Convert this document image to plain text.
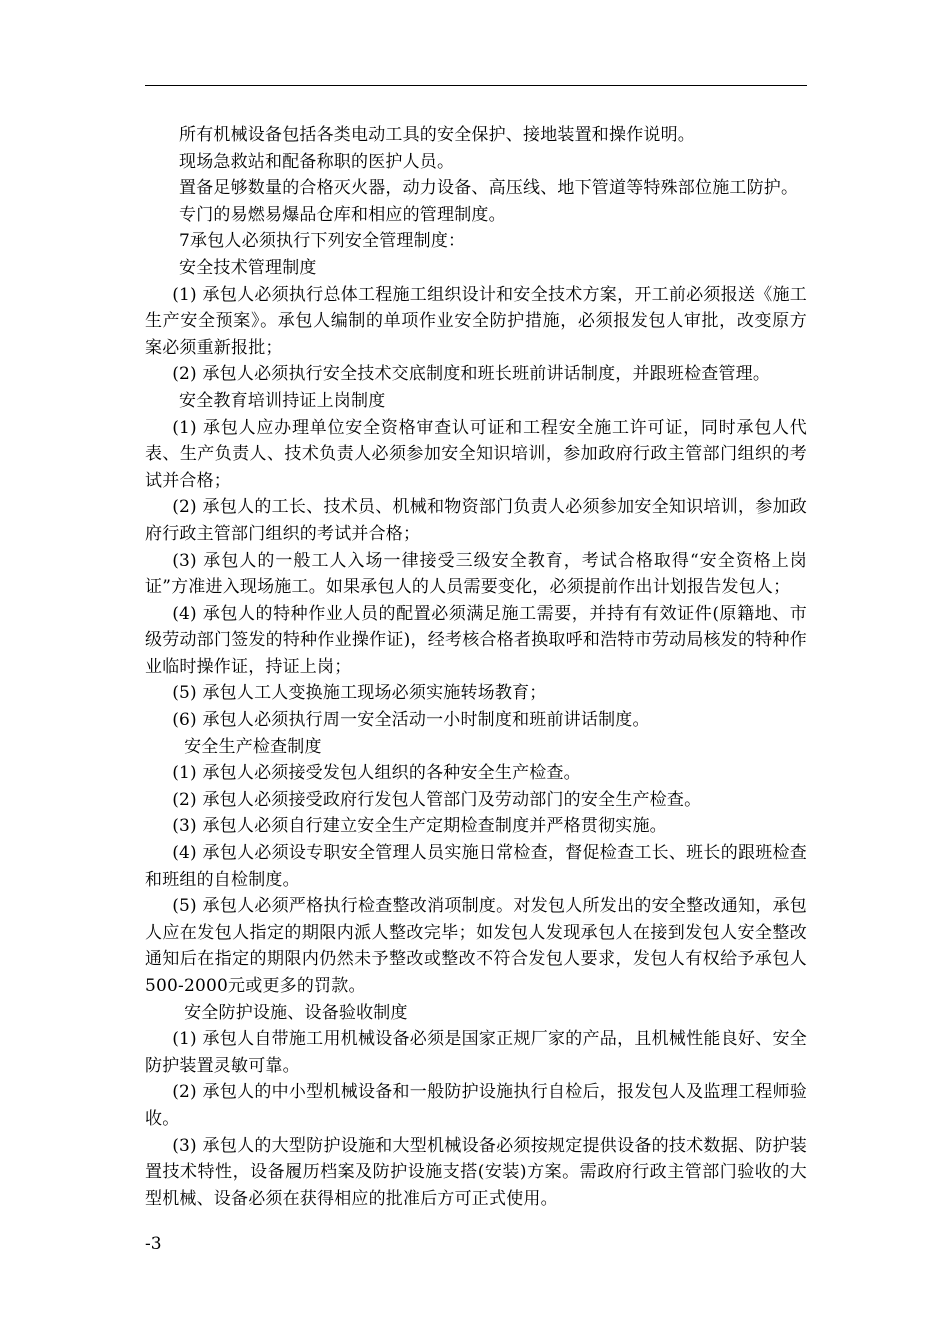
所有机械设备包括各类电动工具的安全保护、接地装置和操作说明。

现场急救站和配备称职的医护人员。

置备足够数量的合格灭火器，动力设备、高压线、地下管道等特殊部位施工防护。

专门的易燃易爆品仓库和相应的管理制度。

7承包人必须执行下列安全管理制度：

安全技术管理制度

(1) 承包人必须执行总体工程施工组织设计和安全技术方案，开工前必须报送《施工生产安全预案》。承包人编制的单项作业安全防护措施，必须报发包人审批，改变原方案必须重新报批；

(2) 承包人必须执行安全技术交底制度和班长班前讲话制度，并跟班检查管理。

安全教育培训持证上岗制度

(1) 承包人应办理单位安全资格审查认可证和工程安全施工许可证，同时承包人代表、生产负责人、技术负责人必须参加安全知识培训，参加政府行政主管部门组织的考试并合格；

(2) 承包人的工长、技术员、机械和物资部门负责人必须参加安全知识培训，参加政府行政主管部门组织的考试并合格；

(3) 承包人的一般工人入场一律接受三级安全教育，考试合格取得“安全资格上岗证”方准进入现场施工。如果承包人的人员需要变化，必须提前作出计划报告发包人；

(4) 承包人的特种作业人员的配置必须满足施工需要，并持有有效证件(原籍地、市级劳动部门签发的特种作业操作证)，经考核合格者换取呼和浩特市劳动局核发的特种作业临时操作证，持证上岗；

(5) 承包人工人变换施工现场必须实施转场教育；

(6) 承包人必须执行周一安全活动一小时制度和班前讲话制度。

安全生产检查制度

(1) 承包人必须接受发包人组织的各种安全生产检查。

(2) 承包人必须接受政府行发包人管部门及劳动部门的安全生产检查。

(3) 承包人必须自行建立安全生产定期检查制度并严格贯彻实施。

(4) 承包人必须设专职安全管理人员实施日常检查，督促检查工长、班长的跟班检查和班组的自检制度。

(5) 承包人必须严格执行检查整改消项制度。对发包人所发出的安全整改通知，承包人应在发包人指定的期限内派人整改完毕；如发包人发现承包人在接到发包人安全整改通知后在指定的期限内仍然未予整改或整改不符合发包人要求，发包人有权给予承包人500-2000元或更多的罚款。

安全防护设施、设备验收制度

(1) 承包人自带施工用机械设备必须是国家正规厂家的产品，且机械性能良好、安全防护装置灵敏可靠。

(2) 承包人的中小型机械设备和一般防护设施执行自检后，报发包人及监理工程师验收。

(3) 承包人的大型防护设施和大型机械设备必须按规定提供设备的技术数据、防护装置技术特性，设备履历档案及防护设施支搭(安装)方案。需政府行政主管部门验收的大型机械、设备必须在获得相应的批准后方可正式使用。

-3
